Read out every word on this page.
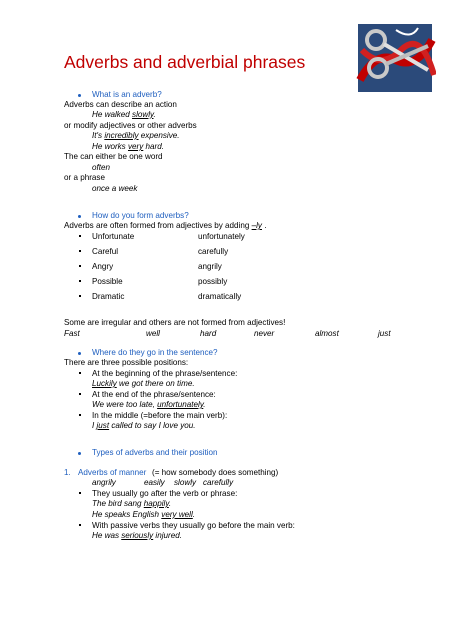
Adverbs and adverbial phrases
What is an adverb?
Adverbs can describe an action
He walked slowly.
or modify adjectives or other adverbs
It's incredibly expensive.
He works very hard.
The can either be one word
often
or a phrase
once a week
How do you form adverbs?
Adverbs are often formed from adjectives by adding –ly .
Unfortunate	unfortunately
Careful	carefully
Angry	angrily
Possible	possibly
Dramatic	dramatically
Some are irregular and others are not formed from adjectives!
Fast	well	hard	never	almost	just
Where do they go in the sentence?
There are three possible positions:
At the beginning of the phrase/sentence:
Luckily we got there on time.
At the end of the phrase/sentence:
We were too late, unfortunately.
In the middle (=before the main verb):
I just called to say I love you.
Types of adverbs and their position
1. Adverbs of manner (= how somebody does something)
angrily	easily slowly carefully
They usually go after the verb or phrase:
The bird sang happily.
He speaks English very well.
With passive verbs they usually go before the main verb:
He was seriously injured.
